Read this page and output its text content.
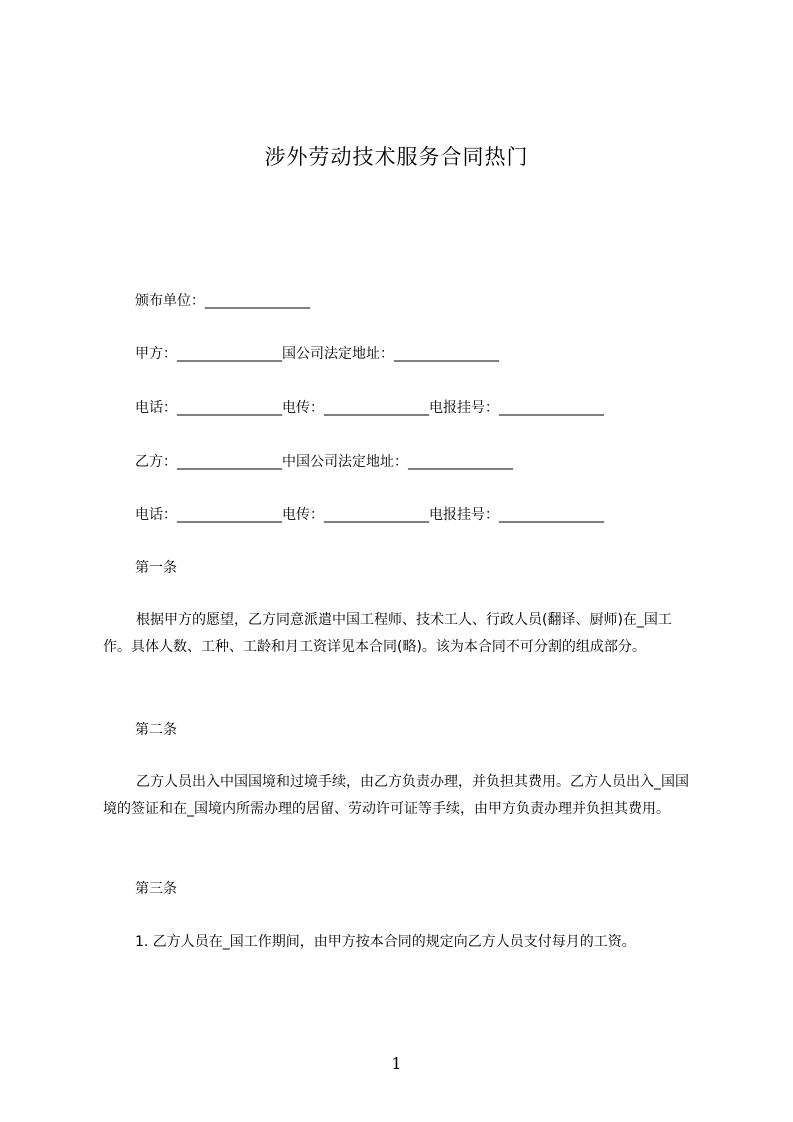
涉外劳动技术服务合同热门
颁布单位：_______________
甲方：_______________国公司法定地址：_______________
电话：_______________电传：_______________电报挂号：_______________
乙方：_______________中国公司法定地址：_______________
电话：_______________电传：_______________电报挂号：_______________
第一条
根据甲方的愿望，乙方同意派遣中国工程师、技术工人、行政人员(翻译、厨师)在_国工作。具体人数、工种、工龄和月工资详见本合同(略)。该为本合同不可分割的组成部分。
第二条
乙方人员出入中国国境和过境手续，由乙方负责办理，并负担其费用。乙方人员出入_国国境的签证和在_国境内所需办理的居留、劳动许可证等手续，由甲方负责办理并负担其费用。
第三条
1. 乙方人员在_国工作期间，由甲方按本合同的规定向乙方人员支付每月的工资。
1
